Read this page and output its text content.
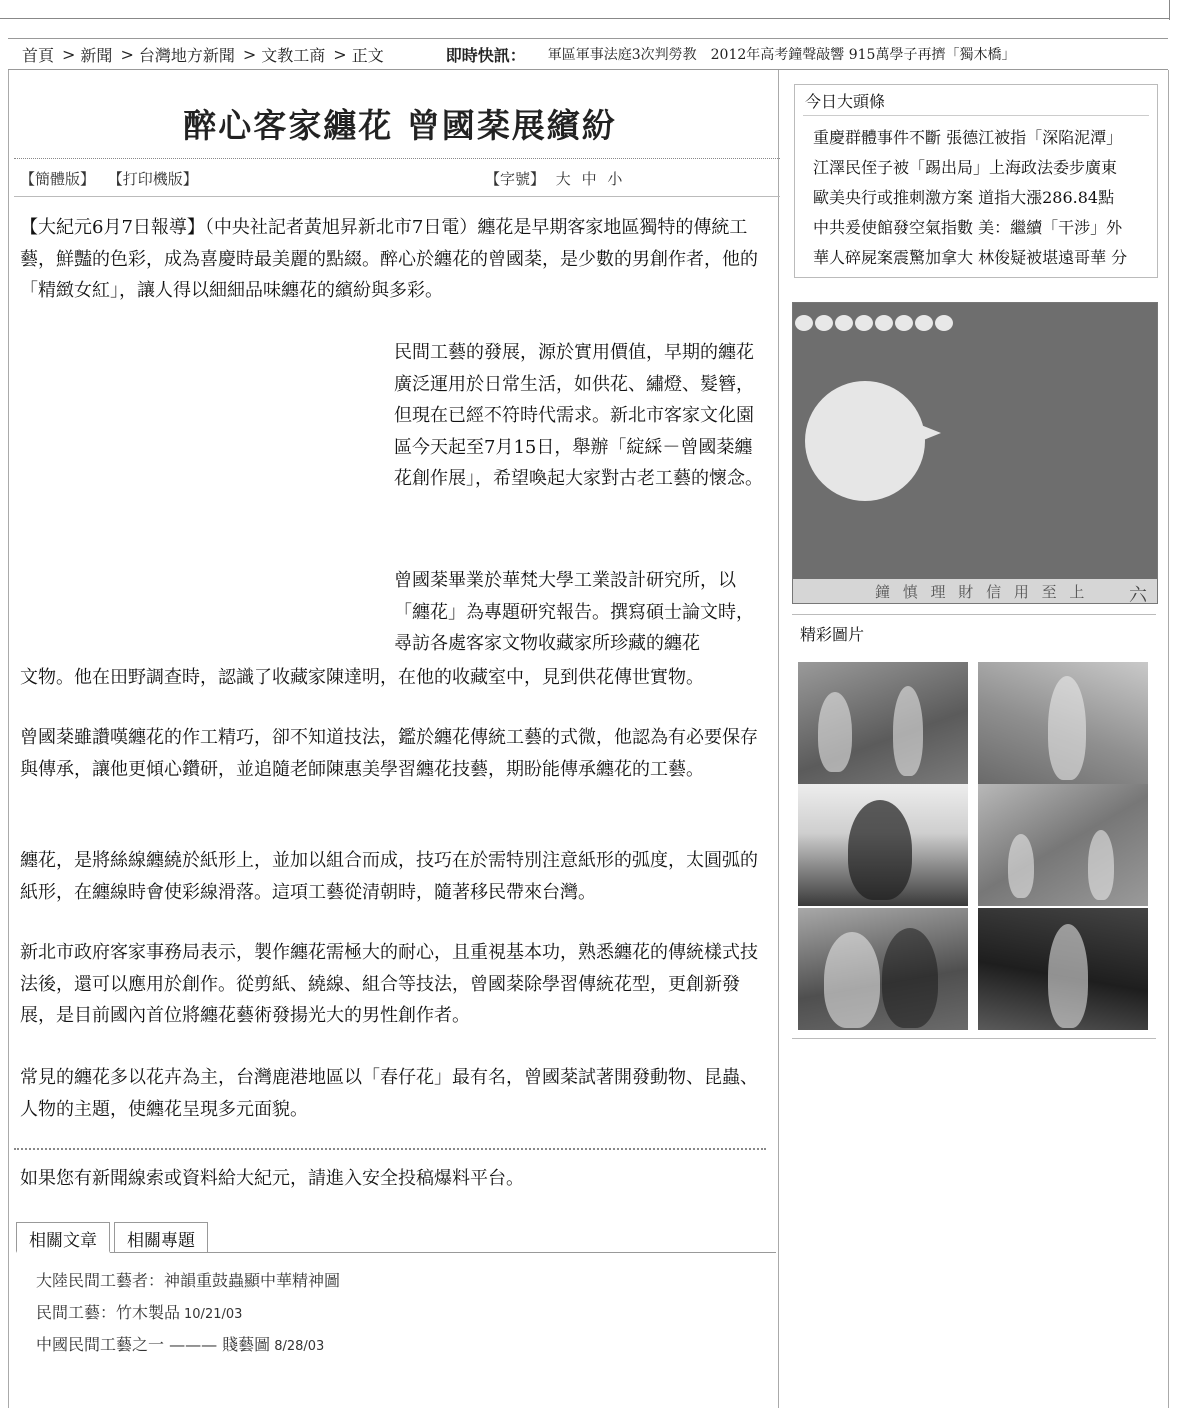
首頁 > 新聞 > 台灣地方新聞 > 文教工商 > 正文	即時快訊： 軍區軍事法庭3次判勞教 2012年高考鐘聲敲響 915萬學子再擠「獨木橋」
醉心客家纏花 曾國棻展繽紛
【簡體版】 【打印機版】	【字號】 大 中 小

【大紀元6月7日報導】（中央社記者黃旭昇新北市7日電）纏花是早期客家地區獨特的傳統工藝，鮮豔的色彩，成為喜慶時最美麗的點綴。醉心於纏花的曾國棻，是少數的男創作者，他的「精緻女紅」，讓人得以細細品味纏花的繽紛與多彩。

民間工藝的發展，源於實用價值，早期的纏花廣泛運用於日常生活，如供花、繡燈、髮簪，但現在已經不符時代需求。新北市客家文化園區今天起至7月15日，舉辦「綻綵－曾國棻纏花創作展」，希望喚起大家對古老工藝的懷念。

曾國棻畢業於華梵大學工業設計研究所，以「纏花」為專題研究報告。撰寫碩士論文時，尋訪各處客家文物收藏家所珍藏的纏花

文物。他在田野調查時，認識了收藏家陳達明，在他的收藏室中，見到供花傳世實物。

曾國棻雖讚嘆纏花的作工精巧，卻不知道技法，鑑於纏花傳統工藝的式微，他認為有必要保存與傳承，讓他更傾心鑽研，並追隨老師陳惠美學習纏花技藝，期盼能傳承纏花的工藝。

纏花，是將絲線纏繞於紙形上，並加以組合而成，技巧在於需特別注意紙形的弧度，太圓弧的紙形，在纏線時會使彩線滑落。這項工藝從清朝時，隨著移民帶來台灣。

新北市政府客家事務局表示，製作纏花需極大的耐心，且重視基本功，熟悉纏花的傳統樣式技法後，還可以應用於創作。從剪紙、繞線、組合等技法，曾國棻除學習傳統花型，更創新發展，是目前國內首位將纏花藝術發揚光大的男性創作者。

常見的纏花多以花卉為主，台灣鹿港地區以「春仔花」最有名，曾國棻試著開發動物、昆蟲、人物的主題，使纏花呈現多元面貌。

如果您有新聞線索或資料給大紀元，請進入安全投稿爆料平台。

相關文章	相關專題
大陸民間工藝者：神韻重鼓蟲顯中華精神圖
民間工藝：竹木製品 10/21/03
中國民間工藝之一 ——— 賤藝圖 8/28/03
今日大頭條
重慶群體事件不斷 張德江被指「深陷泥潭」
江澤民侄子被「踢出局」上海政法委步廣東
歐美央行或推刺激方案 道指大漲286.84點
中共爰使館發空氣指數 美：繼續「干涉」外
華人碎屍案震驚加拿大 林俊疑被堪遠哥華 分
鐘 慎 理 財 信 用 至 上 六
精彩圖片
